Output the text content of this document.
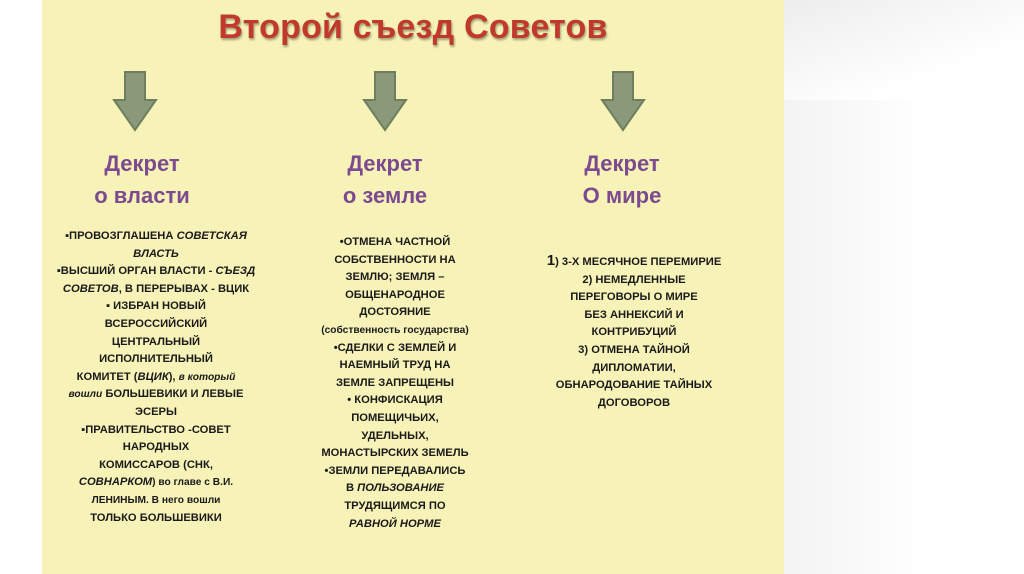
Второй съезд Советов
Декрет
о власти
Декрет
о земле
Декрет
О мире
▪ПРОВОЗГЛАШЕНА СОВЕТСКАЯ
ВЛАСТЬ
▪ВЫСШИЙ ОРГАН ВЛАСТИ - СЪЕЗД
СОВЕТОВ, В ПЕРЕРЫВАХ - ВЦИК
▪ ИЗБРАН НОВЫЙ
ВСЕРОССИЙСКИЙ
ЦЕНТРАЛЬНЫЙ
ИСПОЛНИТЕЛЬНЫЙ
КОМИТЕТ (ВЦИК), в который
вошли БОЛЬШЕВИКИ И ЛЕВЫЕ
ЭСЕРЫ
▪ПРАВИТЕЛЬСТВО -СОВЕТ
НАРОДНЫХ
КОМИССАРОВ (СНК,
СОВНАРКОМ) во главе с В.И.
ЛЕНИНЫМ. В него вошли
ТОЛЬКО БОЛЬШЕВИКИ
•ОТМЕНА ЧАСТНОЙ
СОБСТВЕННОСТИ НА
ЗЕМЛЮ; ЗЕМЛЯ –
ОБЩЕНАРОДНОЕ
ДОСТОЯНИЕ
(собственность государства)
•СДЕЛКИ С ЗЕМЛЕЙ И
НАЕМНЫЙ ТРУД НА
ЗЕМЛЕ ЗАПРЕЩЕНЫ
• КОНФИСКАЦИЯ
ПОМЕЩИЧЬИХ,
УДЕЛЬНЫХ,
МОНАСТЫРСКИХ ЗЕМЕЛЬ
•ЗЕМЛИ ПЕРЕДАВАЛИСЬ
В ПОЛЬЗОВАНИЕ
ТРУДЯЩИМСЯ ПО
РАВНОЙ НОРМЕ
1) 3-Х МЕСЯЧНОЕ ПЕРЕМИРИЕ
2) НЕМЕДЛЕННЫЕ
ПЕРЕГОВОРЫ О МИРЕ
БЕЗ АННЕКСИЙ И
КОНТРИБУЦИЙ
3) ОТМЕНА ТАЙНОЙ
ДИПЛОМАТИИ,
ОБНАРОДОВАНИЕ ТАЙНЫХ
ДОГОВОРОВ
